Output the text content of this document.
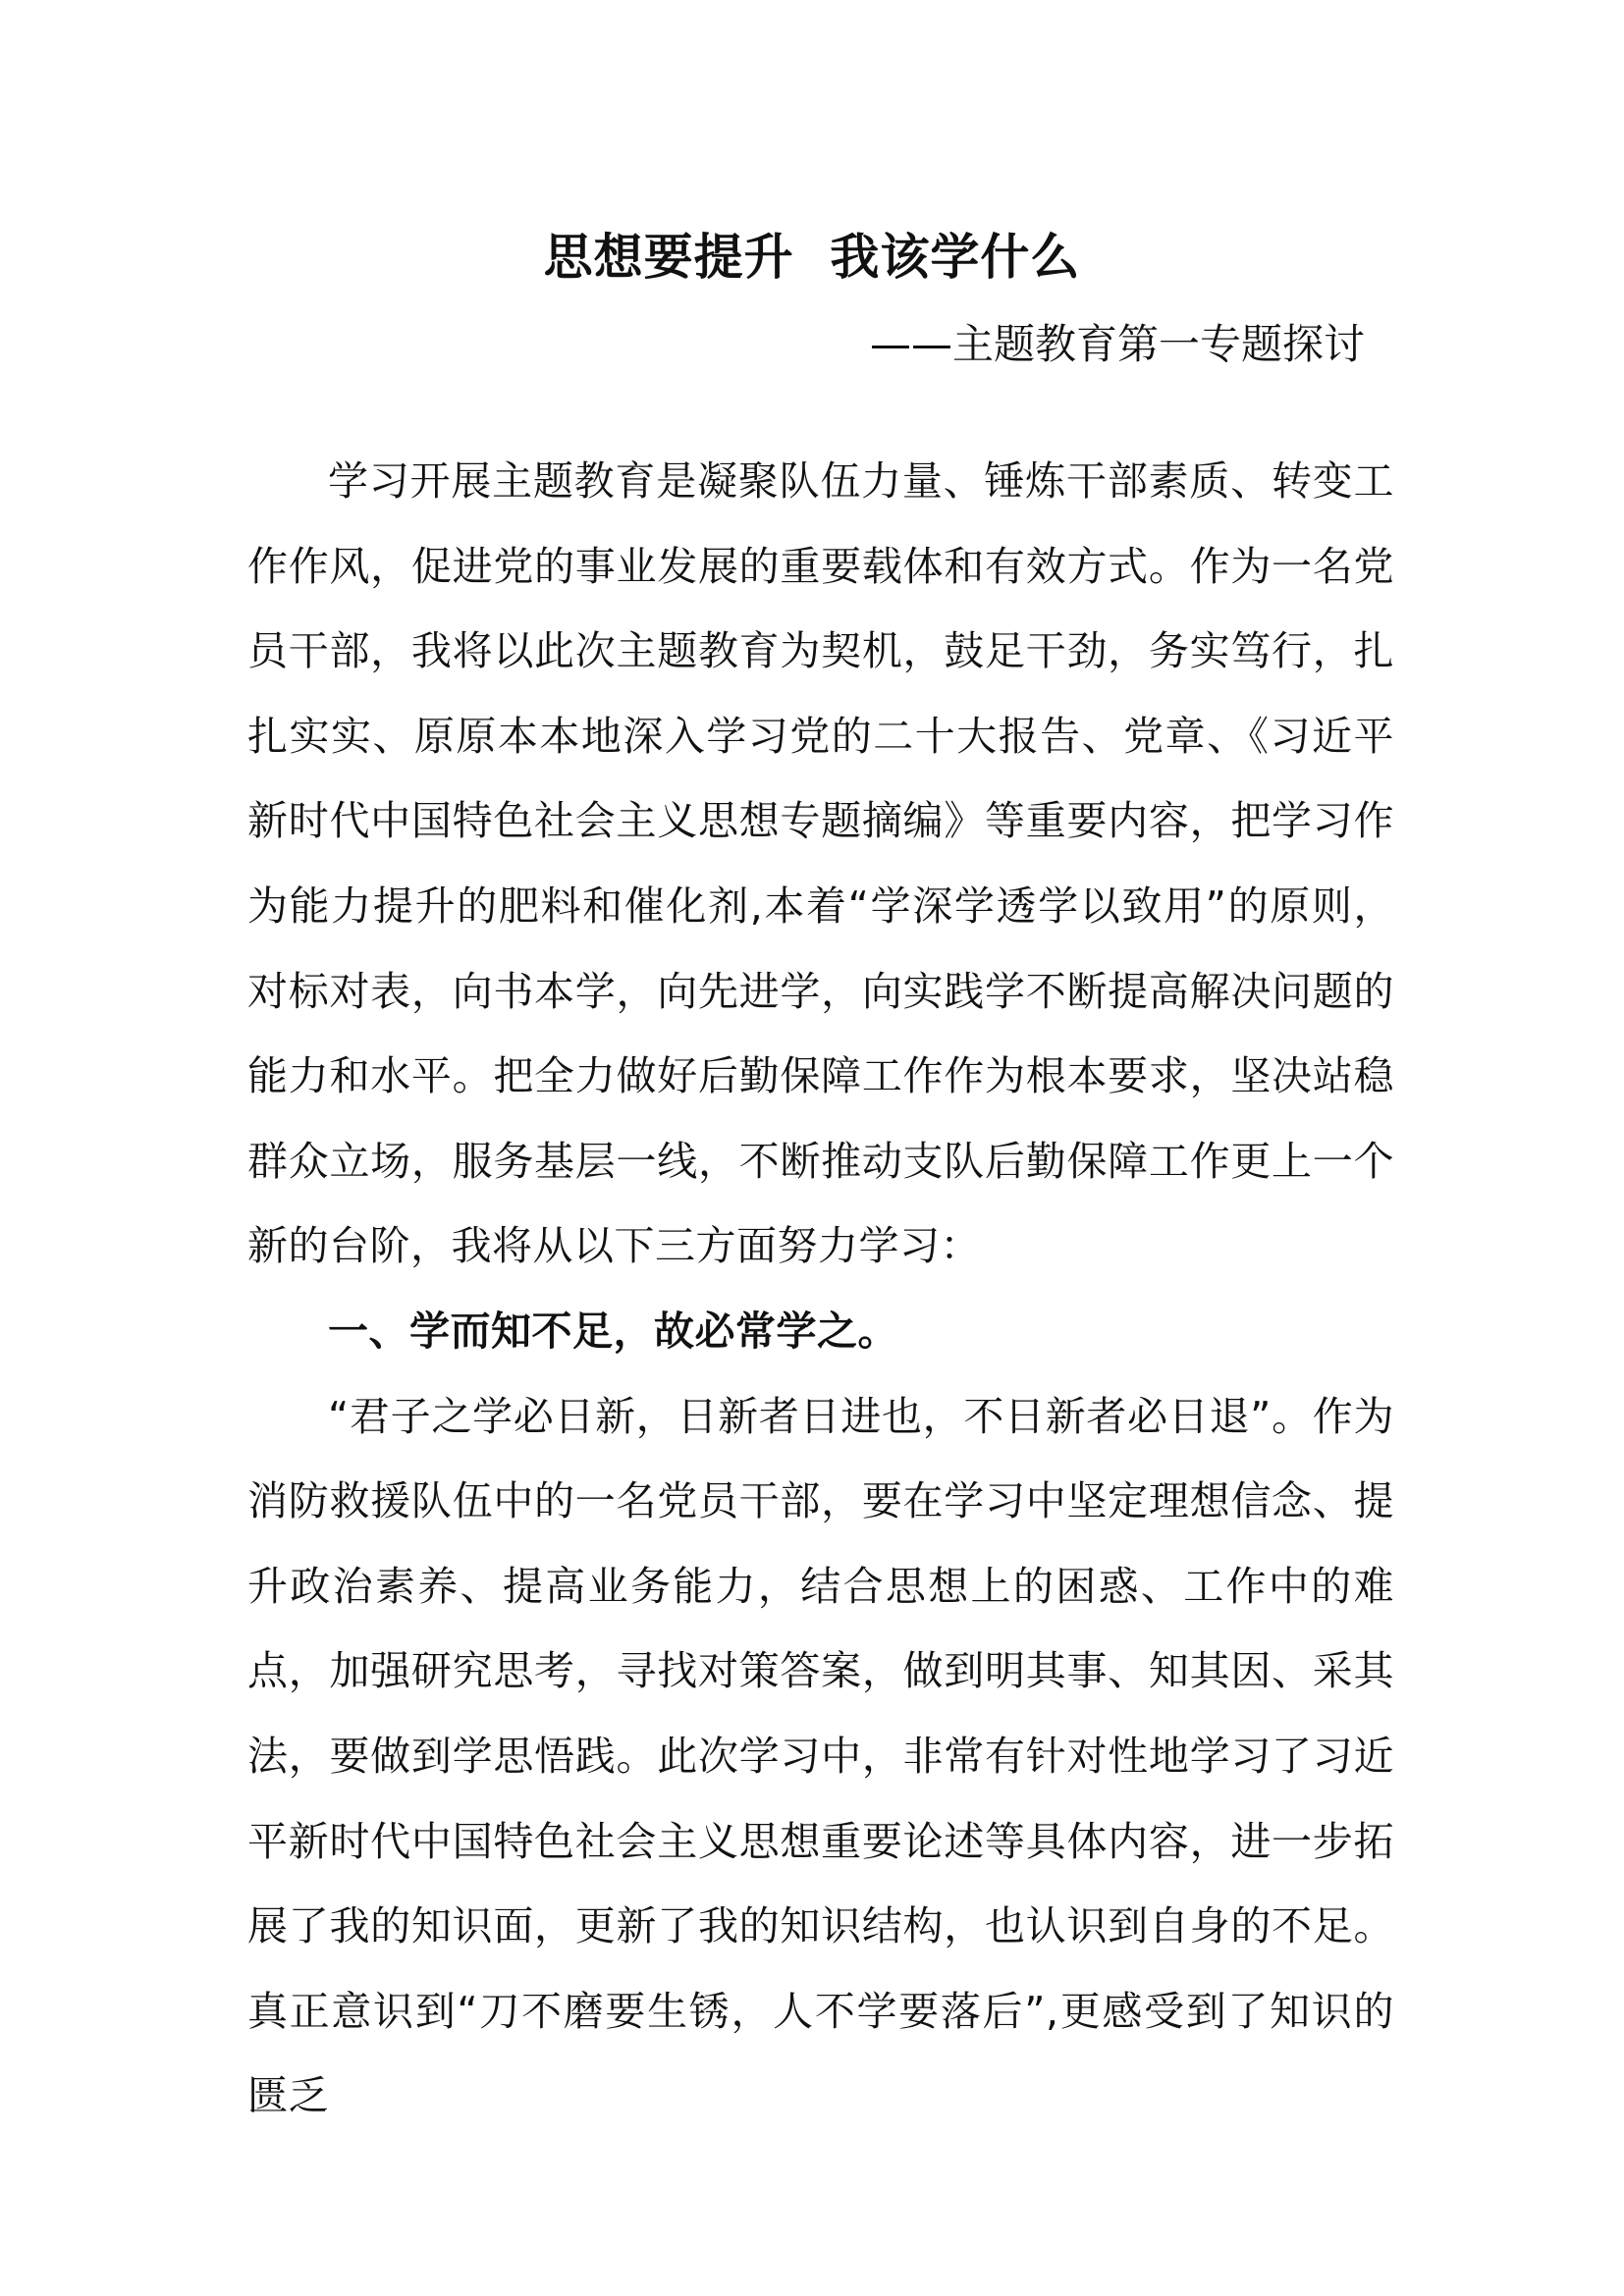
思想要提升  我该学什么
——主题教育第一专题探讨

学习开展主题教育是凝聚队伍力量、锤炼干部素质、转变工作作风，促进党的事业发展的重要载体和有效方式。作为一名党员干部，我将以此次主题教育为契机，鼓足干劲，务实笃行，扎扎实实、原原本本地深入学习党的二十大报告、党章、《习近平新时代中国特色社会主义思想专题摘编》等重要内容，把学习作为能力提升的肥料和催化剂,本着“学深学透学以致用”的原则，对标对表，向书本学，向先进学，向实践学不断提高解决问题的能力和水平。把全力做好后勤保障工作作为根本要求，坚决站稳群众立场，服务基层一线，不断推动支队后勤保障工作更上一个新的台阶，我将从以下三方面努力学习：

一、学而知不足，故必常学之。

“君子之学必日新，日新者日进也，不日新者必日退”。作为消防救援队伍中的一名党员干部，要在学习中坚定理想信念、提升政治素养、提高业务能力，结合思想上的困惑、工作中的难点，加强研究思考，寻找对策答案，做到明其事、知其因、采其法，要做到学思悟践。此次学习中，非常有针对性地学习了习近平新时代中国特色社会主义思想重要论述等具体内容，进一步拓展了我的知识面，更新了我的知识结构，也认识到自身的不足。真正意识到“刀不磨要生锈，人不学要落后”,更感受到了知识的匮乏
